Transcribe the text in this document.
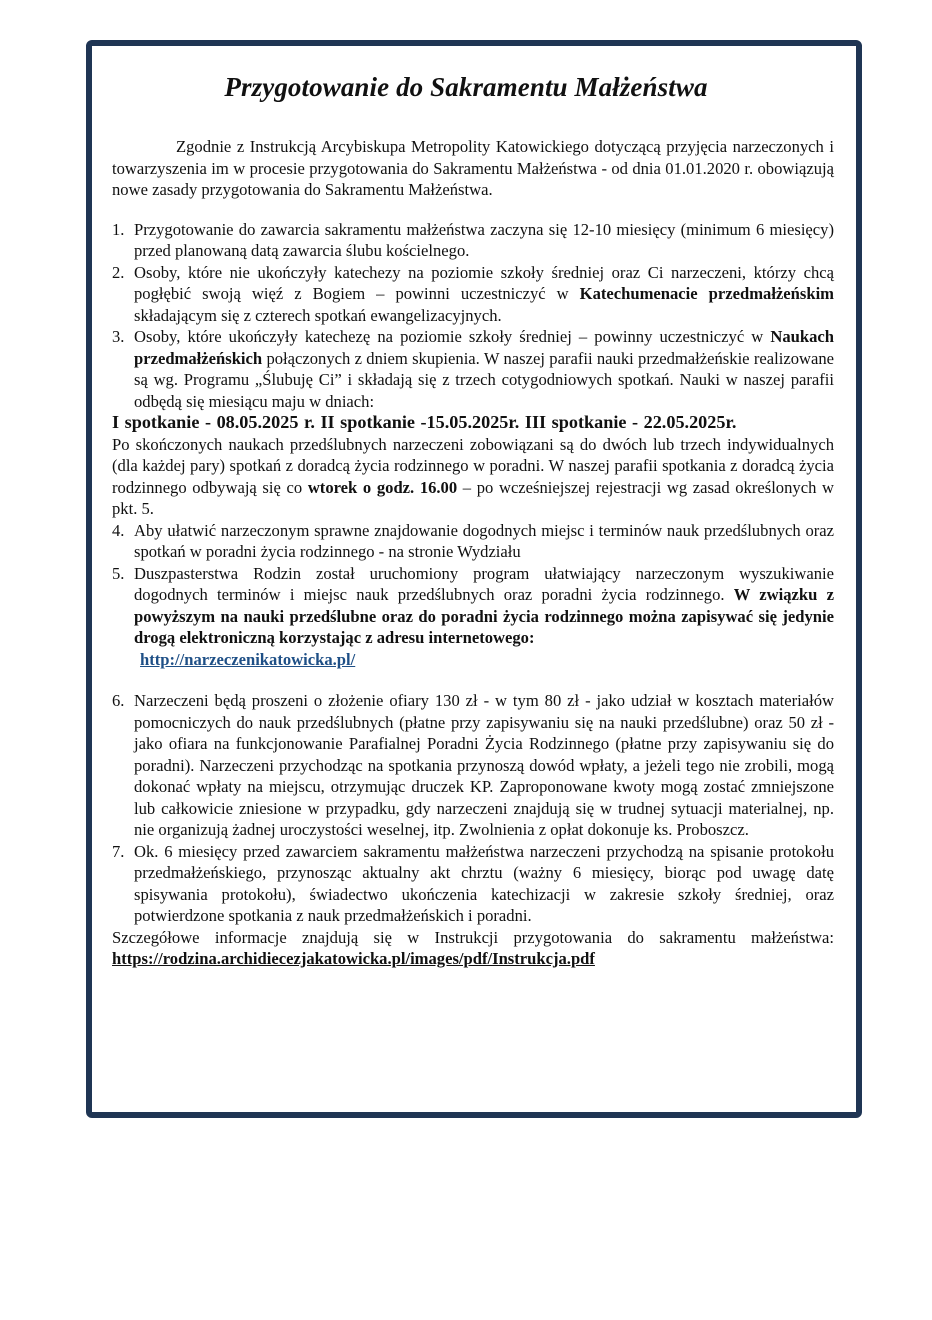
Przygotowanie do Sakramentu Małżeństwa

Zgodnie z Instrukcją Arcybiskupa Metropolity Katowickiego dotyczącą przyjęcia narzeczonych i towarzyszenia im w procesie przygotowania do Sakramentu Małżeństwa - od dnia 01.01.2020 r. obowiązują nowe zasady przygotowania do Sakramentu Małżeństwa.

1. Przygotowanie do zawarcia sakramentu małżeństwa zaczyna się 12-10 miesięcy (minimum 6 miesięcy) przed planowaną datą zawarcia ślubu kościelnego.
2. Osoby, które nie ukończyły katechezy na poziomie szkoły średniej oraz Ci narzeczeni, którzy chcą pogłębić swoją więź z Bogiem – powinni uczestniczyć w Katechumenacie przedmałżeńskim składającym się z czterech spotkań ewangelizacyjnych.
3. Osoby, które ukończyły katechezę na poziomie szkoły średniej – powinny uczestniczyć w Naukach przedmałżeńskich połączonych z dniem skupienia. W naszej parafii nauki przedmałżeńskie realizowane są wg. Programu „Ślubuję Ci” i składają się z trzech cotygodniowych spotkań. Nauki w naszej parafii odbędą się miesiącu maju w dniach:

I spotkanie - 08.05.2025 r. II spotkanie -15.05.2025r. III spotkanie - 22.05.2025r.

Po skończonych naukach przedślubnych narzeczeni zobowiązani są do dwóch lub trzech indywidualnych (dla każdej pary) spotkań z doradcą życia rodzinnego w poradni. W naszej parafii spotkania z doradcą życia rodzinnego odbywają się co wtorek o godz. 16.00 – po wcześniejszej rejestracji wg zasad określonych w pkt. 5.

4. Aby ułatwić narzeczonym sprawne znajdowanie dogodnych miejsc i terminów nauk przedślubnych oraz spotkań w poradni życia rodzinnego - na stronie Wydziału
5. Duszpasterstwa Rodzin został uruchomiony program ułatwiający narzeczonym wyszukiwanie dogodnych terminów i miejsc nauk przedślubnych oraz poradni życia rodzinnego. W związku z powyższym na nauki przedślubne oraz do poradni życia rodzinnego można zapisywać się jedynie drogą elektroniczną korzystając z adresu internetowego:
http://narzeczenikatowicka.pl/
6. Narzeczeni będą proszeni o złożenie ofiary 130 zł - w tym 80 zł - jako udział w kosztach materiałów pomocniczych do nauk przedślubnych (płatne przy zapisywaniu się na nauki przedślubne) oraz 50 zł - jako ofiara na funkcjonowanie Parafialnej Poradni Życia Rodzinnego (płatne przy zapisywaniu się do poradni). Narzeczeni przychodząc na spotkania przynoszą dowód wpłaty, a jeżeli tego nie zrobili, mogą dokonać wpłaty na miejscu, otrzymując druczek KP. Zaproponowane kwoty mogą zostać zmniejszone lub całkowicie zniesione w przypadku, gdy narzeczeni znajdują się w trudnej sytuacji materialnej, np. nie organizują żadnej uroczystości weselnej, itp. Zwolnienia z opłat dokonuje ks. Proboszcz.
7. Ok. 6 miesięcy przed zawarciem sakramentu małżeństwa narzeczeni przychodzą na spisanie protokołu przedmałżeńskiego, przynosząc aktualny akt chrztu (ważny 6 miesięcy, biorąc pod uwagę datę spisywania protokołu), świadectwo ukończenia katechizacji w zakresie szkoły średniej, oraz potwierdzone spotkania z nauk przedmałżeńskich i poradni.

Szczegółowe informacje znajdują się w Instrukcji przygotowania do sakramentu małżeństwa: https://rodzina.archidiecezjakatowicka.pl/images/pdf/Instrukcja.pdf
